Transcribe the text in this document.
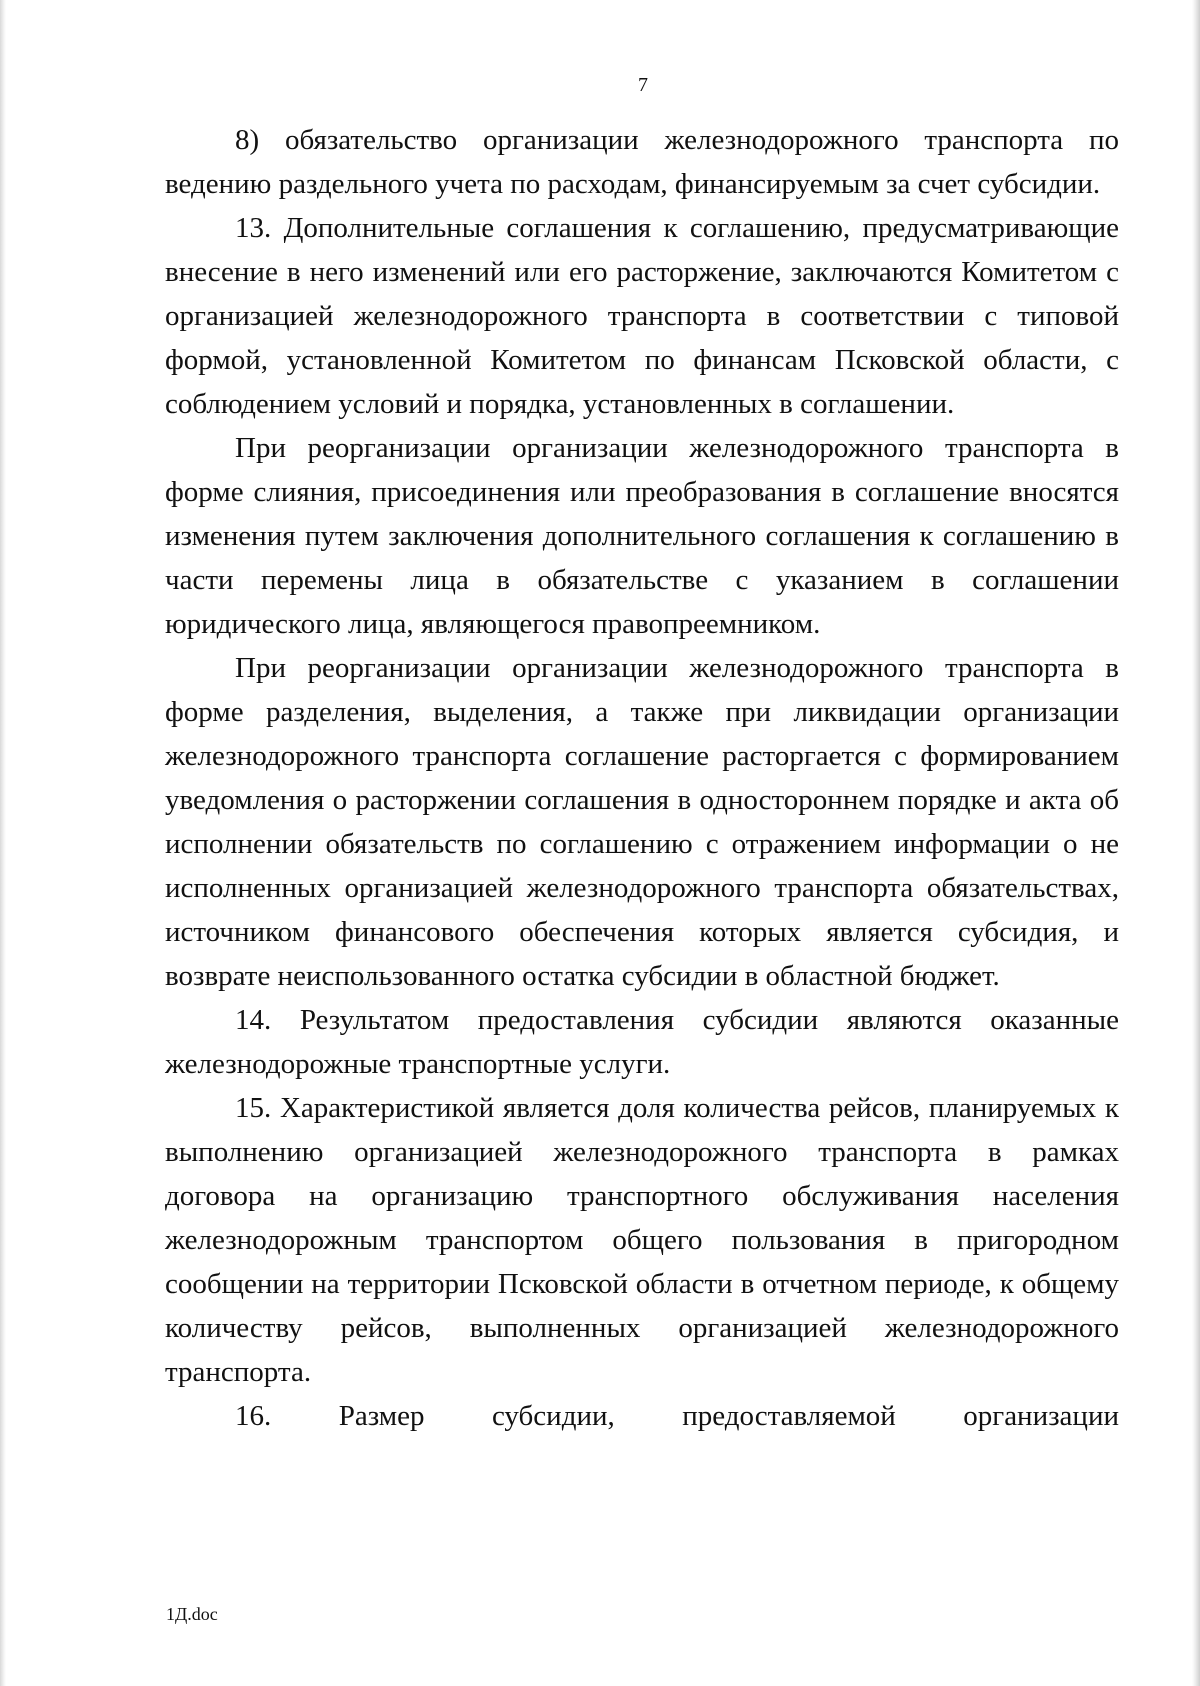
7

8) обязательство организации железнодорожного транспорта по ведению раздельного учета по расходам, финансируемым за счет субсидии.

13. Дополнительные соглашения к соглашению, предусматривающие внесение в него изменений или его расторжение, заключаются Комитетом с организацией железнодорожного транспорта в соответствии с типовой формой, установленной Комитетом по финансам Псковской области, с соблюдением условий и порядка, установленных в соглашении.

При реорганизации организации железнодорожного транспорта в форме слияния, присоединения или преобразования в соглашение вносятся изменения путем заключения дополнительного соглашения к соглашению в части перемены лица в обязательстве с указанием в соглашении юридического лица, являющегося правопреемником.

При реорганизации организации железнодорожного транспорта в форме разделения, выделения, а также при ликвидации организации железнодорожного транспорта соглашение расторгается с формированием уведомления о расторжении соглашения в одностороннем порядке и акта об исполнении обязательств по соглашению с отражением информации о не исполненных организацией железнодорожного транспорта обязательствах, источником финансового обеспечения которых является субсидия, и возврате неиспользованного остатка субсидии в областной бюджет.

14. Результатом предоставления субсидии являются оказанные железнодорожные транспортные услуги.

15. Характеристикой является доля количества рейсов, планируемых к выполнению организацией железнодорожного транспорта в рамках договора на организацию транспортного обслуживания населения железнодорожным транспортом общего пользования в пригородном сообщении на территории Псковской области в отчетном периоде, к общему количеству рейсов, выполненных организацией железнодорожного транспорта.

16. Размер субсидии, предоставляемой организации

1Д.doc
